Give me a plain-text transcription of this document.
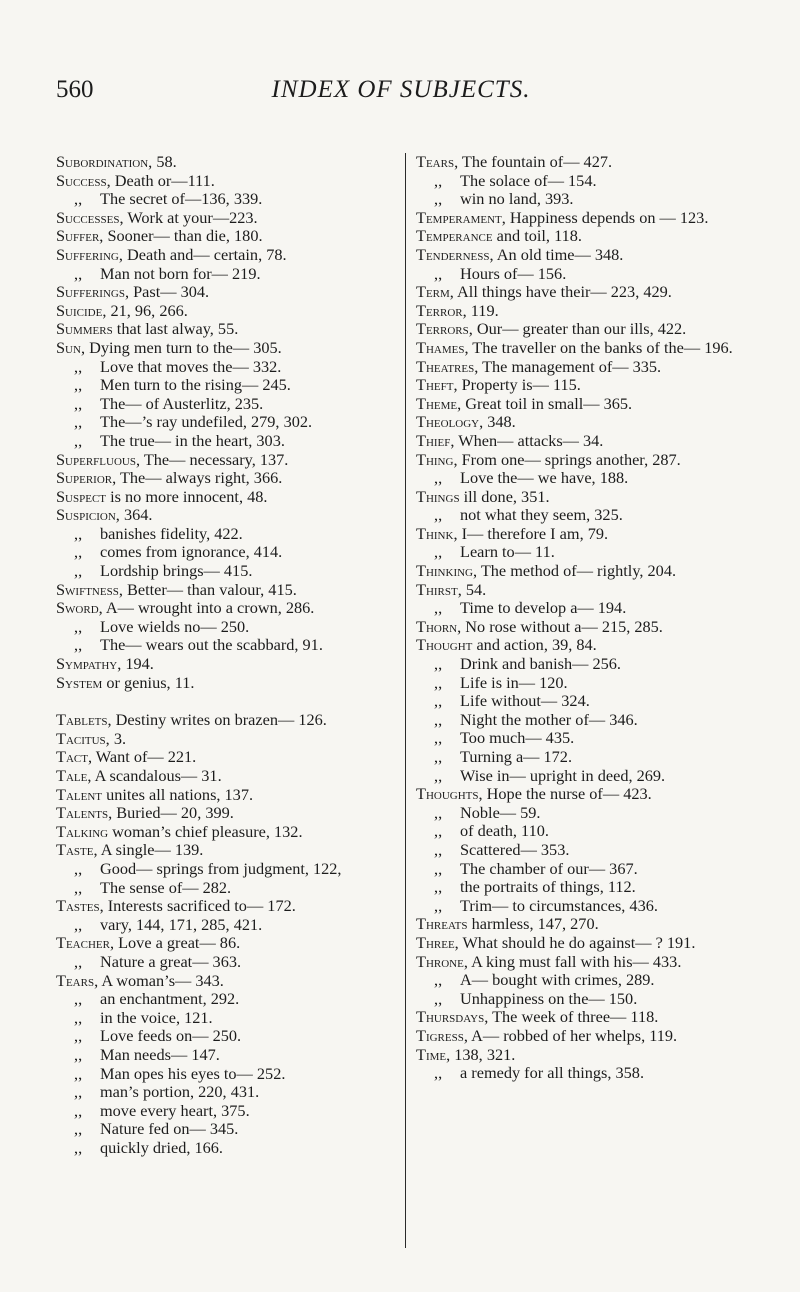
560	INDEX OF SUBJECTS.
Subordination, 58.
Success, Death or—111.
,, The secret of—136, 339.
Successes, Work at your—223.
Suffer, Sooner— than die, 180.
Suffering, Death and— certain, 78.
,, Man not born for— 219.
Sufferings, Past— 304.
Suicide, 21, 96, 266.
Summers that last alway, 55.
Sun, Dying men turn to the— 305.
,, Love that moves the— 332.
,, Men turn to the rising— 245.
,, The— of Austerlitz, 235.
,, The—’s ray undefiled, 279, 302.
,, The true— in the heart, 303.
Superfluous, The— necessary, 137.
Superior, The— always right, 366.
Suspect is no more innocent, 48.
Suspicion, 364.
,, banishes fidelity, 422.
,, comes from ignorance, 414.
,, Lordship brings— 415.
Swiftness, Better— than valour, 415.
Sword, A— wrought into a crown, 286.
,, Love wields no— 250.
,, The— wears out the scabbard, 91.
Sympathy, 194.
System or genius, 11.
Tablets, Destiny writes on brazen— 126.
Tacitus, 3.
Tact, Want of— 221.
Tale, A scandalous— 31.
Talent unites all nations, 137.
Talents, Buried— 20, 399.
Talking woman’s chief pleasure, 132.
Taste, A single— 139.
,, Good— springs from judgment, 122,
,, The sense of— 282.
Tastes, Interests sacrificed to— 172.
,, vary, 144, 171, 285, 421.
Teacher, Love a great— 86.
,, Nature a great— 363.
Tears, A woman’s— 343.
,, an enchantment, 292.
,, in the voice, 121.
,, Love feeds on— 250.
,, Man needs— 147.
,, Man opes his eyes to— 252.
,, man’s portion, 220, 431.
,, move every heart, 375.
,, Nature fed on— 345.
,, quickly dried, 166.
Tears, The fountain of— 427.
,, The solace of— 154.
,, win no land, 393.
Temperament, Happiness depends on — 123.
Temperance and toil, 118.
Tenderness, An old time— 348.
,, Hours of— 156.
Term, All things have their— 223, 429.
Terror, 119.
Terrors, Our— greater than our ills, 422.
Thames, The traveller on the banks of the— 196.
Theatres, The management of— 335.
Theft, Property is— 115.
Theme, Great toil in small— 365.
Theology, 348.
Thief, When— attacks— 34.
Thing, From one— springs another, 287.
,, Love the— we have, 188.
Things ill done, 351.
,, not what they seem, 325.
Think, I— therefore I am, 79.
,, Learn to— 11.
Thinking, The method of— rightly, 204.
Thirst, 54.
,, Time to develop a— 194.
Thorn, No rose without a— 215, 285.
Thought and action, 39, 84.
,, Drink and banish— 256.
,, Life is in— 120.
,, Life without— 324.
,, Night the mother of— 346.
,, Too much— 435.
,, Turning a— 172.
,, Wise in— upright in deed, 269.
Thoughts, Hope the nurse of— 423.
,, Noble— 59.
,, of death, 110.
,, Scattered— 353.
,, The chamber of our— 367.
,, the portraits of things, 112.
,, Trim— to circumstances, 436.
Threats harmless, 147, 270.
Three, What should he do against— ? 191.
Throne, A king must fall with his— 433.
,, A— bought with crimes, 289.
,, Unhappiness on the— 150.
Thursdays, The week of three— 118.
Tigress, A— robbed of her whelps, 119.
Time, 138, 321.
,, a remedy for all things, 358.
